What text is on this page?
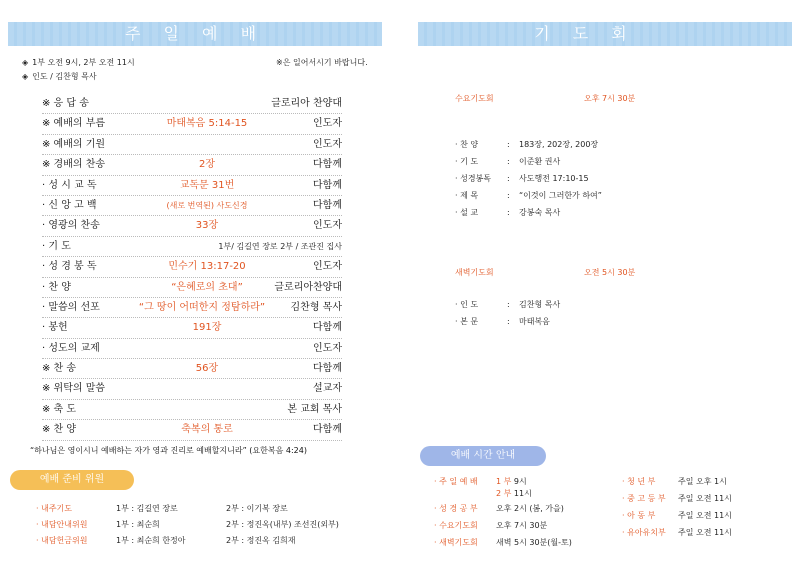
주 일 예 배
◈ 1부 오전 9시, 2부 오전 11시	※은 일어서시기 바랍니다.
◈ 인도 / 김찬형 목사
※ 응 답 송	글로리아 찬양대
※ 예배의 부름	마태복음 5:14-15	인도자
※ 예배의 기원	인도자
※ 경배의 찬송	2장	다함께
· 성 시 교 독	교독문 31번	다함께
· 신 앙 고 백	(새로 번역된) 사도신경	다함께
· 영광의 찬송	33장	인도자
· 기 도	1부/ 김길연 장로 2부 / 조관진 집사
· 성 경 봉 독	민수기 13:17-20	인도자
· 찬 양	“은혜로의 초대”	글로리아찬양대
· 말씀의 선포	“그 땅이 어떠한지 정탐하라”	김찬형 목사
· 봉헌	191장	다함께
· 성도의 교제	인도자
※ 찬 송	56장	다함께
※ 위탁의 말씀	설교자
※ 축 도	본 교회 목사
※ 찬 양	축복의 통로	다함께
“하나님은 영이시니 예배하는 자가 영과 진리로 예배할지니라” (요한복음 4:24)
예배 준비 위원
· 내주기도	1부 : 김길연 장로	2부 : 이기복 장로
· 내담안내위원	1부 : 최순희	2부 : 정진옥(내부) 조선진(외부)
· 내담헌금위원	1부 : 최순희 한정아	2부 : 정진옥 김희재
기 도 회
수요기도회	오후 7시 30분
· 찬 양	: 183장, 202장, 200장
· 기 도	: 이준환 권사
· 성경봉독 : 사도행전 17:10-15
· 제 목	: “이것이 그러한가 하여”
· 설 교	: 강봉숙 목사
새벽기도회	오전 5시 30분
· 인 도	: 김찬형 목사
· 본 문	: 마태복음
예배 시간 안내
· 주 일 예 배 1 부 9시
2 부 11시
· 성 경 공 부 오후 2시 (봄, 가을)
· 수요기도회 오후 7시 30분
· 새벽기도회 새벽 5시 30분(월-토)
· 청 년 부	주일 오후 1시
· 중 고 등 부 주일 오전 11시
· 아 동 부	주일 오전 11시
· 유아유치부 주일 오전 11시
